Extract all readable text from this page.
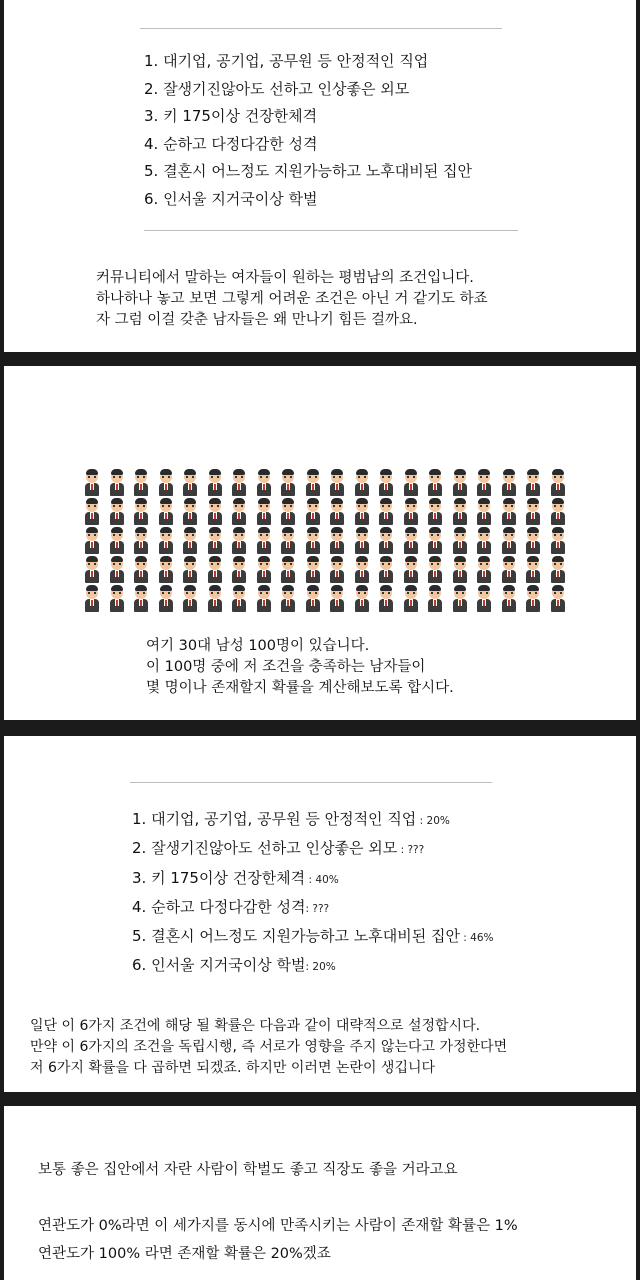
1. 대기업, 공기업, 공무원 등 안정적인 직업
2. 잘생기진않아도 선하고 인상좋은 외모
3. 키 175이상 건장한체격
4. 순하고 다정다감한 성격
5. 결혼시 어느정도 지원가능하고 노후대비된 집안
6. 인서울 지거국이상 학벌
커뮤니티에서 말하는 여자들이 원하는 평범남의 조건입니다.
하나하나 놓고 보면 그렇게 어려운 조건은 아닌 거 같기도 하죠
자 그럼 이걸 갖춘 남자들은 왜 만나기 힘든 걸까요.
여기 30대 남성 100명이 있습니다.
이 100명 중에 저 조건을 충족하는 남자들이
몇 명이나 존재할지 확률을 계산해보도록 합시다.
1. 대기업, 공기업, 공무원 등 안정적인 직업 : 20%
2. 잘생기진않아도 선하고 인상좋은 외모 : ???
3. 키 175이상 건장한체격 : 40%
4. 순하고 다정다감한 성격: ???
5. 결혼시 어느정도 지원가능하고 노후대비된 집안 : 46%
6. 인서울 지거국이상 학벌: 20%
일단 이 6가지 조건에 해당 될 확률은 다음과 같이 대략적으로 설정합시다.
만약 이 6가지의 조건을 독립시행, 즉 서로가 영향을 주지 않는다고 가정한다면
저 6가지 확률을 다 곱하면 되겠죠. 하지만 이러면 논란이 생깁니다
보통 좋은 집안에서 자란 사람이 학벌도 좋고 직장도 좋을 거라고요
연관도가 0%라면 이 세가지를 동시에 만족시키는 사람이 존재할 확률은 1%
연관도가 100% 라면 존재할 확률은 20%겠죠
